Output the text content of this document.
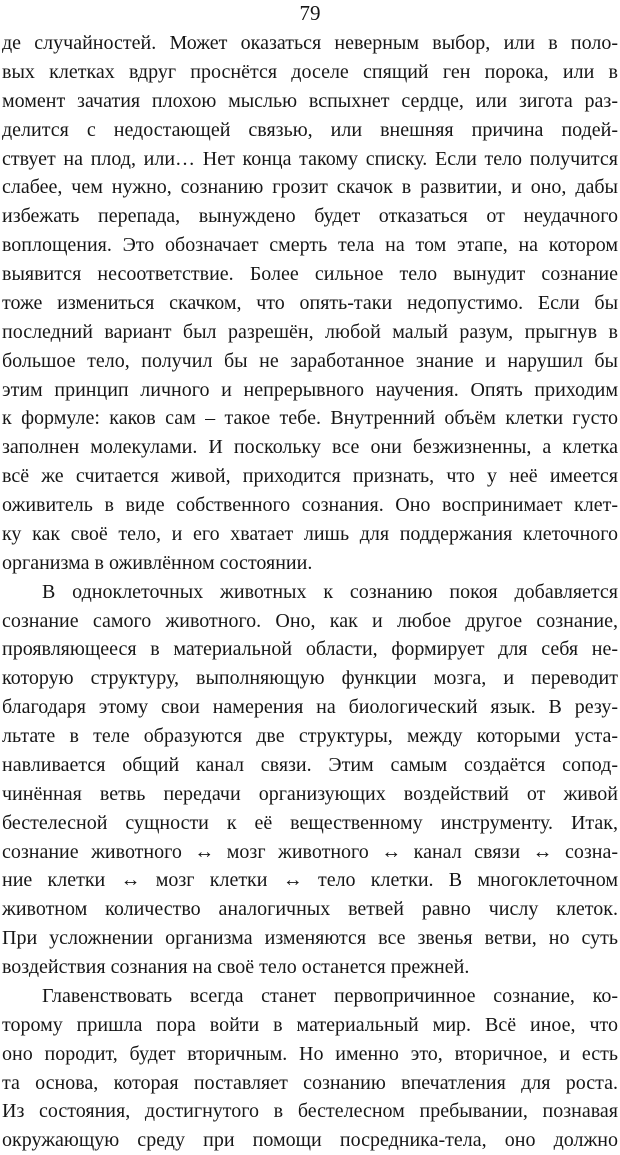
79
де случайностей. Может оказаться неверным выбор, или в поло-
вых клетках вдруг проснётся доселе спящий ген порока, или в
момент зачатия плохою мыслью вспыхнет сердце, или зигота раз-
делится с недостающей связью, или внешняя причина подей-
ствует на плод, или… Нет конца такому списку. Если тело получится
слабее, чем нужно, сознанию грозит скачок в развитии, и оно, дабы
избежать перепада, вынуждено будет отказаться от неудачного
воплощения. Это обозначает смерть тела на том этапе, на котором
выявится несоответствие. Более сильное тело вынудит сознание
тоже измениться скачком, что опять-таки недопустимо. Если бы
последний вариант был разрешён, любой малый разум, прыгнув в
большое тело, получил бы не заработанное знание и нарушил бы
этим принцип личного и непрерывного научения. Опять приходим
к формуле: каков сам – такое тебе. Внутренний объём клетки густо
заполнен молекулами. И поскольку все они безжизненны, а клетка
всё же считается живой, приходится признать, что у неё имеется
оживитель в виде собственного сознания. Оно воспринимает клет-
ку как своё тело, и его хватает лишь для поддержания клеточного
организма в оживлённом состоянии.
В одноклеточных животных к сознанию покоя добавляется
сознание самого животного. Оно, как и любое другое сознание,
проявляющееся в материальной области, формирует для себя не-
которую структуру, выполняющую функции мозга, и переводит
благодаря этому свои намерения на биологический язык. В резу-
льтате в теле образуются две структуры, между которыми уста-
навливается общий канал связи. Этим самым создаётся сопод-
чинённая ветвь передачи организующих воздействий от живой
бестелесной сущности к её вещественному инструменту. Итак,
сознание животного ↔ мозг животного ↔ канал связи ↔ созна-
ние клетки ↔ мозг клетки ↔ тело клетки. В многоклеточном
животном количество аналогичных ветвей равно числу клеток.
При усложнении организма изменяются все звенья ветви, но суть
воздействия сознания на своё тело останется прежней.
Главенствовать всегда станет первопричинное сознание, ко-
торому пришла пора войти в материальный мир. Всё иное, что
оно породит, будет вторичным. Но именно это, вторичное, и есть
та основа, которая поставляет сознанию впечатления для роста.
Из состояния, достигнутого в бестелесном пребывании, познавая
окружающую среду при помощи посредника-тела, оно должно
